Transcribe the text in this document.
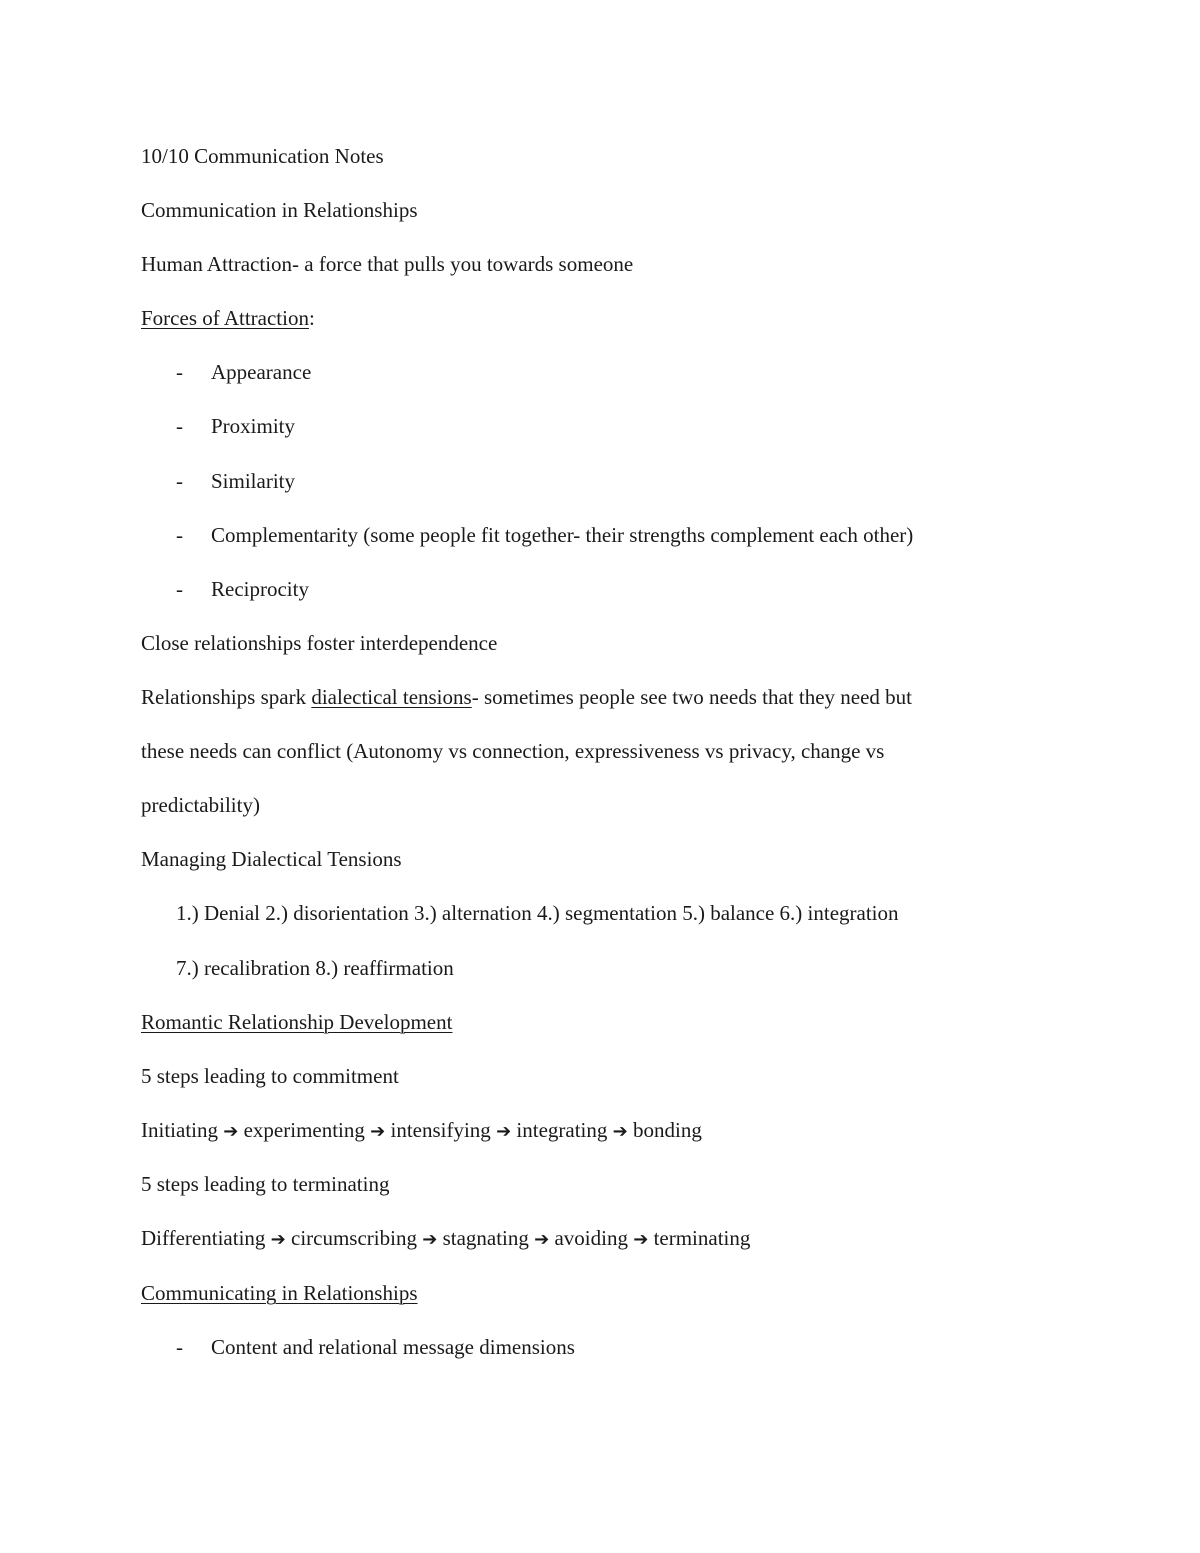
10/10 Communication Notes
Communication in Relationships
Human Attraction- a force that pulls you towards someone
Forces of Attraction:
- Appearance
- Proximity
- Similarity
- Complementarity (some people fit together- their strengths complement each other)
- Reciprocity
Close relationships foster interdependence
Relationships spark dialectical tensions- sometimes people see two needs that they need but
these needs can conflict (Autonomy vs connection, expressiveness vs privacy, change vs
predictability)
Managing Dialectical Tensions
1.) Denial 2.) disorientation 3.) alternation 4.) segmentation 5.) balance 6.) integration
7.) recalibration 8.) reaffirmation
Romantic Relationship Development
5 steps leading to commitment
Initiating ➔ experimenting ➔ intensifying ➔ integrating ➔ bonding
5 steps leading to terminating
Differentiating ➔ circumscribing ➔ stagnating ➔ avoiding ➔ terminating
Communicating in Relationships
- Content and relational message dimensions
